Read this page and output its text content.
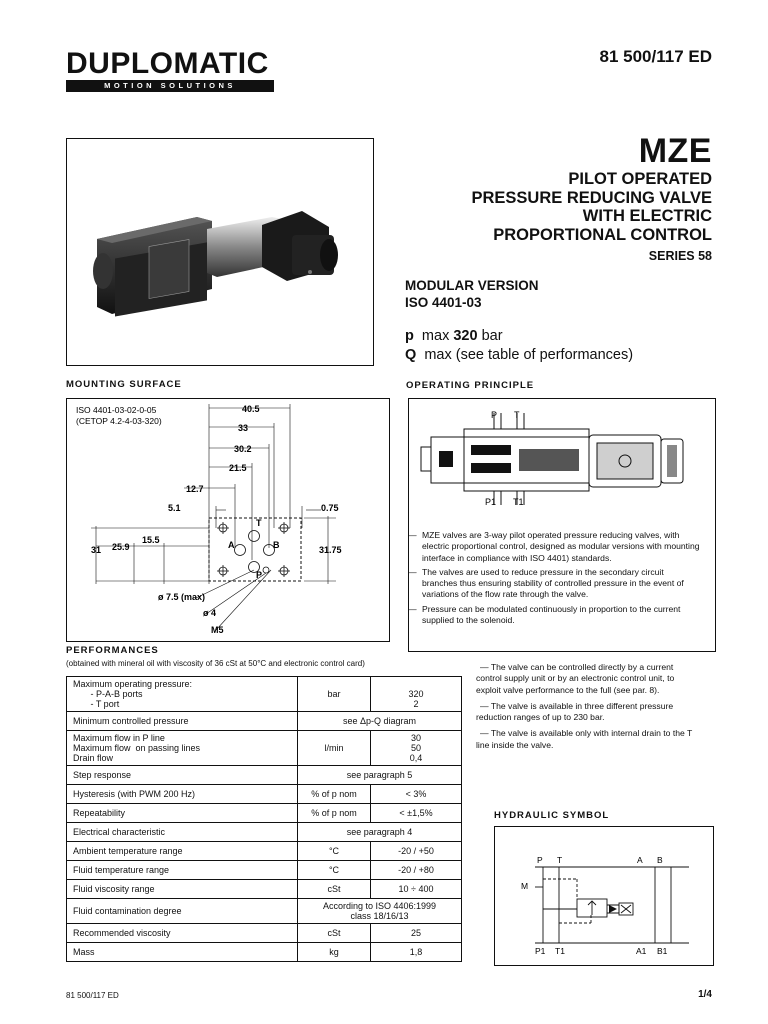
DUPLOMATIC
MOTION SOLUTIONS
81 500/117 ED
MZE
PILOT OPERATED
PRESSURE REDUCING VALVE
WITH ELECTRIC
PROPORTIONAL CONTROL
SERIES 58
MODULAR VERSION
ISO 4401-03
p max 320 bar
Q max (see table of performances)
MOUNTING SURFACE	OPERATING PRINCIPLE
ISO 4401-03-02-0-05
(CETOP 4.2-4-03-320)
40.5
33
30.2
21.5
12.7
5.1	0.75
15.5
25.9
31	31.75
ø 7.5 (max)
ø 4
M5
T
A	B
P
P T
P1 T1
— MZE valves are 3-way pilot operated pressure reducing valves, with electric proportional control, designed as modular versions with mounting interface in compliance with ISO 4401) standards.
— The valves are used to reduce pressure in the secondary circuit branches thus ensuring stability of controlled pressure in the event of variations of the flow rate through the valve.
— Pressure can be modulated continuously in proportion to the current supplied to the solenoid.

— The valve can be controlled directly by a current control supply unit or by an electronic control unit, to exploit valve performance to the full (see par. 8).

— The valve is available in three different pressure reduction ranges of up to 230 bar.

— The valve is available only with internal drain to the T line inside the valve.

PERFORMANCES
(obtained with mineral oil with viscosity of 36 cSt at 50°C and electronic control card)
Maximum operating pressure:
- P-A-B ports
- T port	bar	
320
2
Minimum controlled pressure	see Δp-Q diagram	
Maximum flow in P line
Maximum flow  on passing lines
Drain flow	l/min	30
50
0,4
Step response	see paragraph 5	
Hysteresis (with PWM 200 Hz)	% of p nom	< 3%
Repeatability	% of p nom	< ±1,5%
Electrical characteristic	see paragraph 4	
Ambient temperature range	°C	-20 / +50
Fluid temperature range	°C	-20 / +80
Fluid viscosity range	cSt	10 ÷ 400
Fluid contamination degree	According to ISO 4406:1999
class 18/16/13	
Recommended viscosity	cSt	25
Mass	kg	1,8
HYDRAULIC SYMBOL
P T	A B
M
P1 T1	A1 B1
81 500/117 ED	1/4
